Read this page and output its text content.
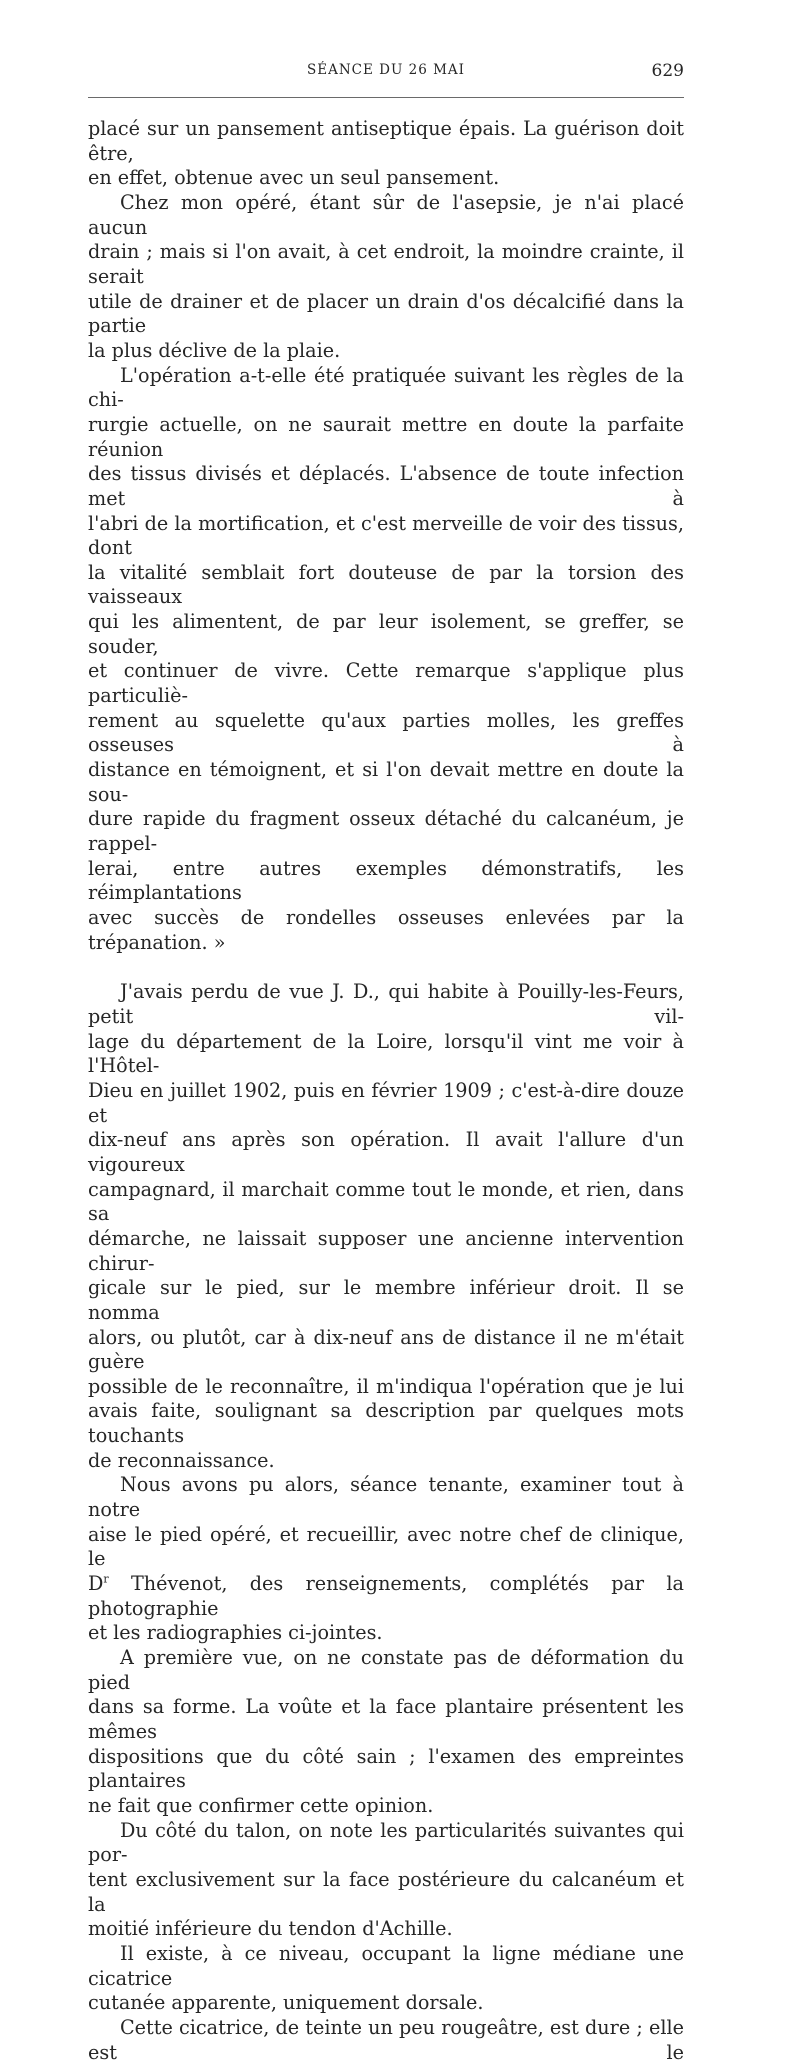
SÉANCE DU 26 MAI	629

placé sur un pansement antiseptique épais. La guérison doit être,
en effet, obtenue avec un seul pansement.

Chez mon opéré, étant sûr de l'asepsie, je n'ai placé aucun
drain ; mais si l'on avait, à cet endroit, la moindre crainte, il serait
utile de drainer et de placer un drain d'os décalcifié dans la partie
la plus déclive de la plaie.

L'opération a-t-elle été pratiquée suivant les règles de la chi-
rurgie actuelle, on ne saurait mettre en doute la parfaite réunion
des tissus divisés et déplacés. L'absence de toute infection met à
l'abri de la mortification, et c'est merveille de voir des tissus, dont
la vitalité semblait fort douteuse de par la torsion des vaisseaux
qui les alimentent, de par leur isolement, se greffer, se souder,
et continuer de vivre. Cette remarque s'applique plus particuliè-
rement au squelette qu'aux parties molles, les greffes osseuses à
distance en témoignent, et si l'on devait mettre en doute la sou-
dure rapide du fragment osseux détaché du calcanéum, je rappel-
lerai, entre autres exemples démonstratifs, les réimplantations
avec succès de rondelles osseuses enlevées par la trépanation. »

J'avais perdu de vue J. D., qui habite à Pouilly-les-Feurs, petit vil-
lage du département de la Loire, lorsqu'il vint me voir à l'Hôtel-
Dieu en juillet 1902, puis en février 1909 ; c'est-à-dire douze et
dix-neuf ans après son opération. Il avait l'allure d'un vigoureux
campagnard, il marchait comme tout le monde, et rien, dans sa
démarche, ne laissait supposer une ancienne intervention chirur-
gicale sur le pied, sur le membre inférieur droit. Il se nomma
alors, ou plutôt, car à dix-neuf ans de distance il ne m'était guère
possible de le reconnaître, il m'indiqua l'opération que je lui
avais faite, soulignant sa description par quelques mots touchants
de reconnaissance.

Nous avons pu alors, séance tenante, examiner tout à notre
aise le pied opéré, et recueillir, avec notre chef de clinique, le
$D^r$ Thévenot, des renseignements, complétés par la photographie
et les radiographies ci-jointes.

A première vue, on ne constate pas de déformation du pied
dans sa forme. La voûte et la face plantaire présentent les mêmes
dispositions que du côté sain ; l'examen des empreintes plantaires
ne fait que confirmer cette opinion.

Du côté du talon, on note les particularités suivantes qui por-
tent exclusivement sur la face postérieure du calcanéum et la
moitié inférieure du tendon d'Achille.

Il existe, à ce niveau, occupant la ligne médiane une cicatrice
cutanée apparente, uniquement dorsale.

Cette cicatrice, de teinte un peu rougeâtre, est dure ; elle est le
